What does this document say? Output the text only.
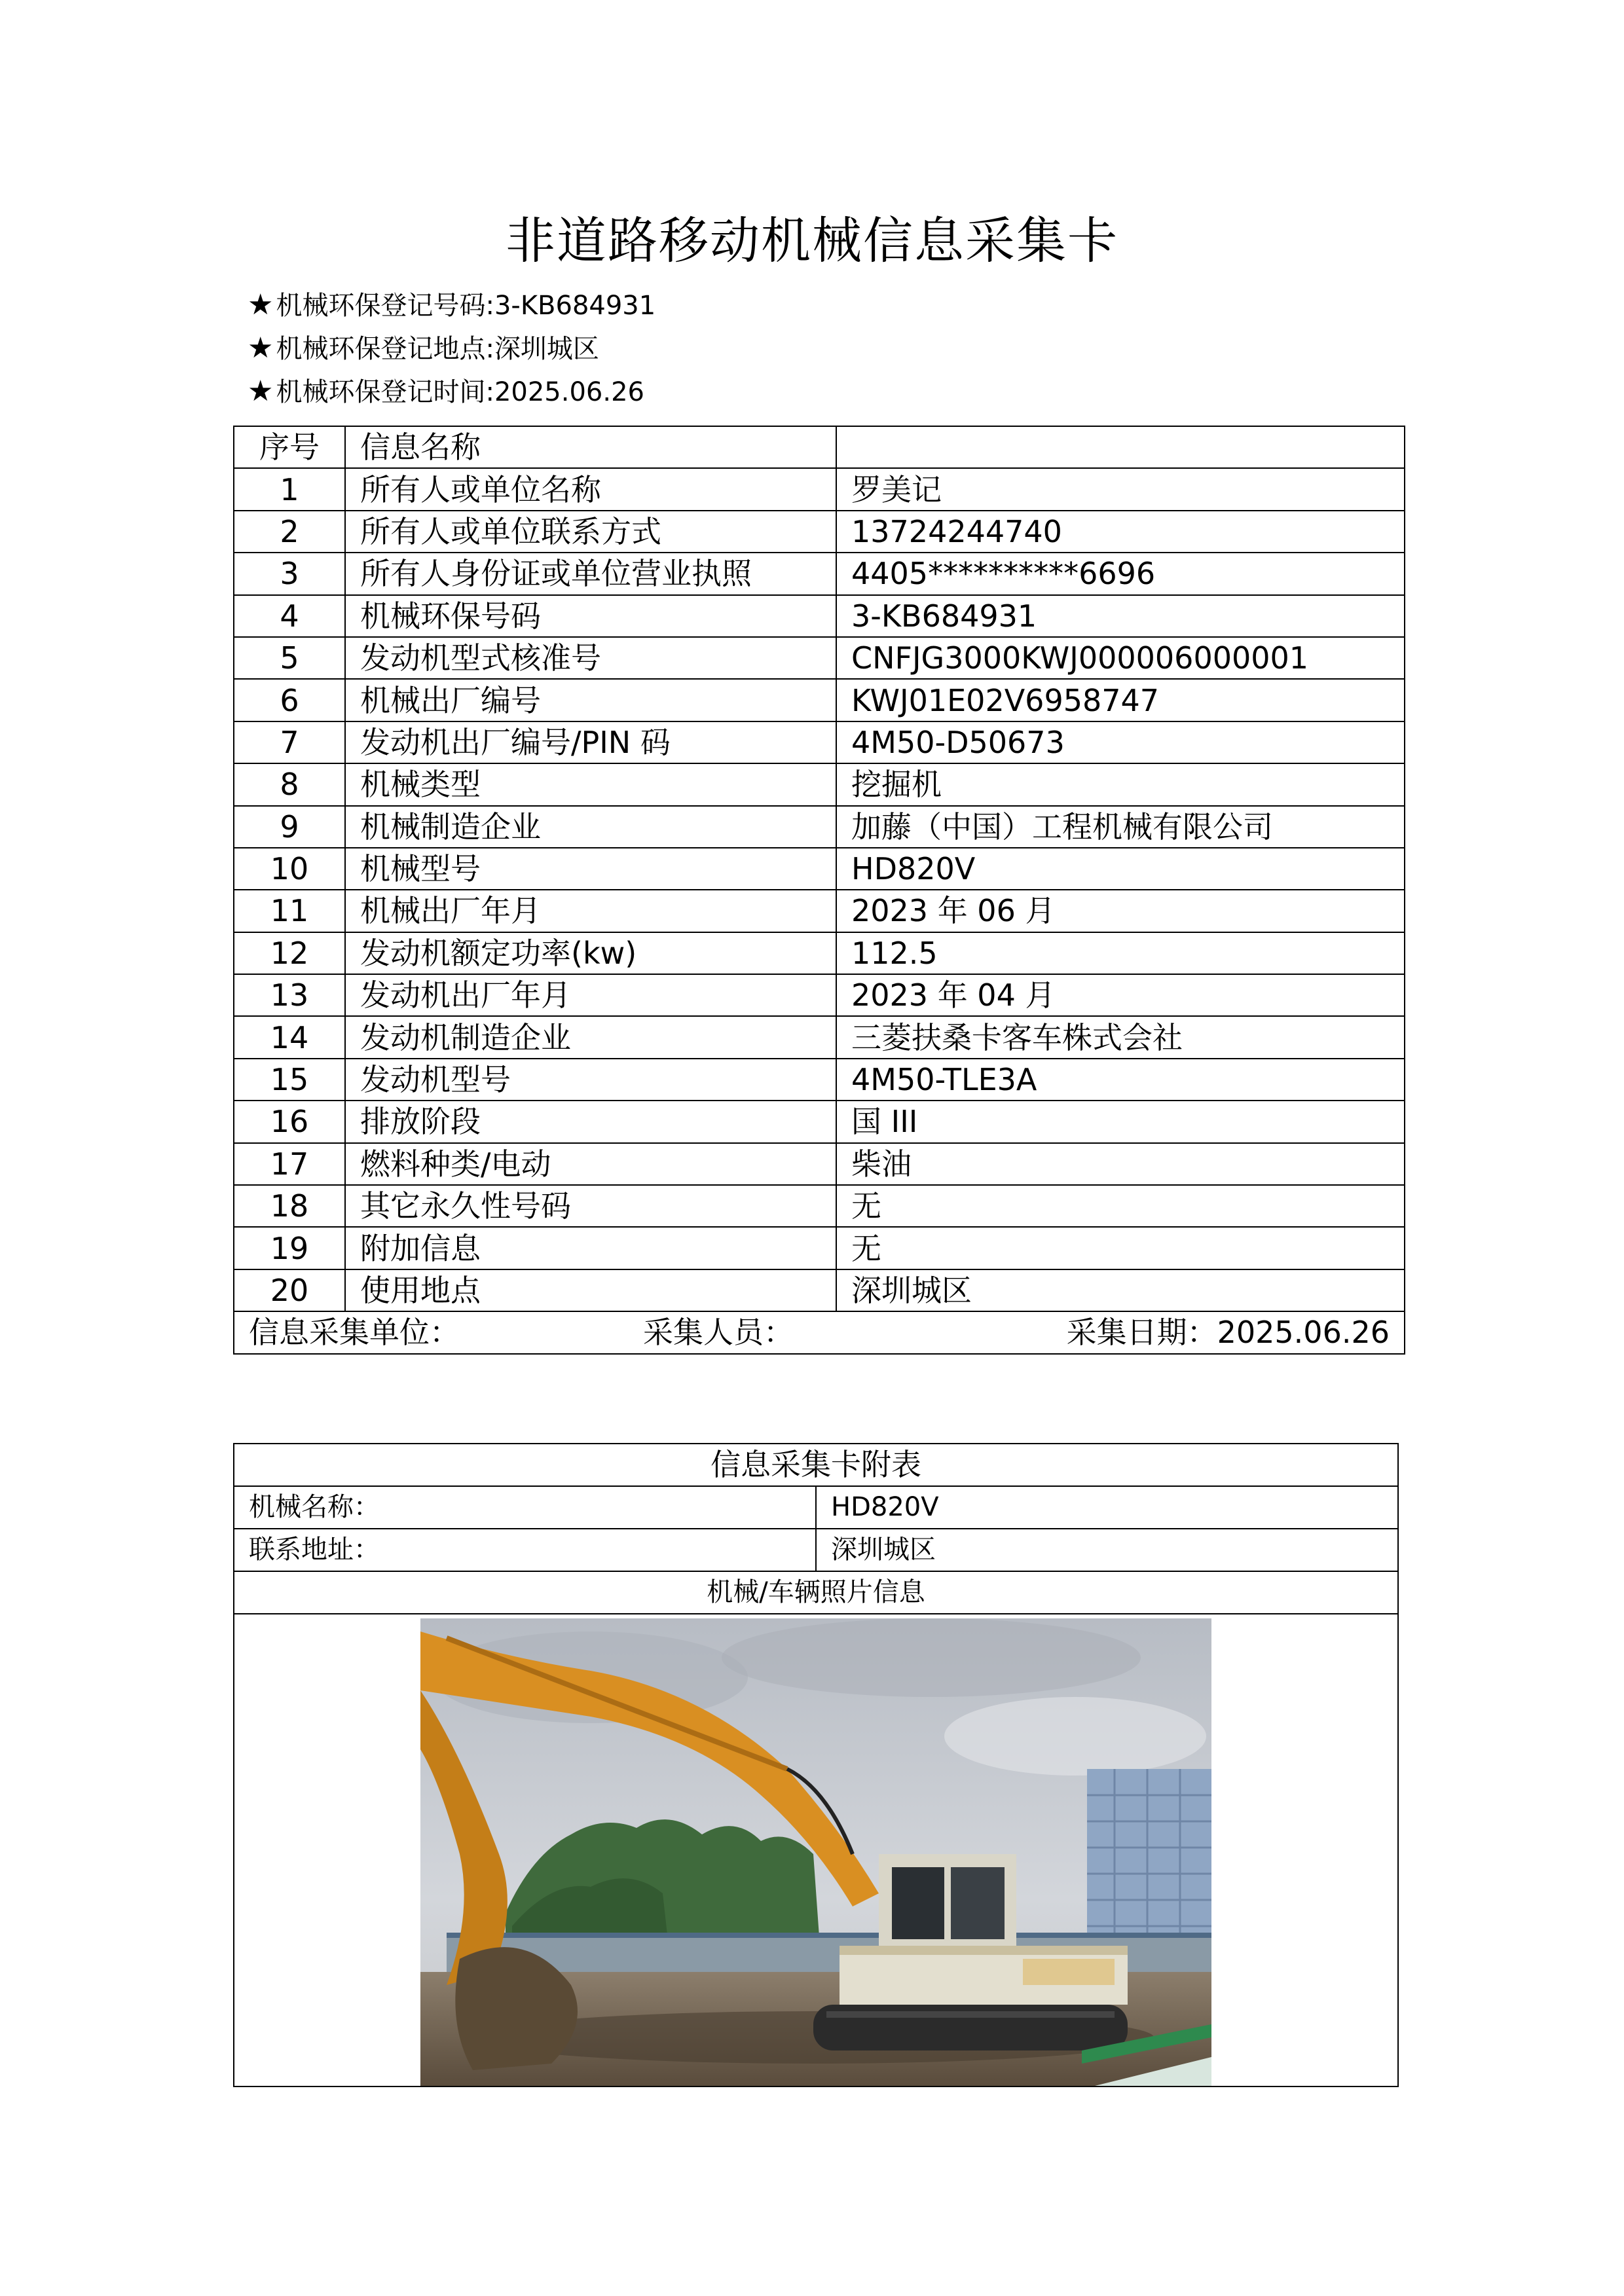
非道路移动机械信息采集卡
★ 机械环保登记号码:3-KB684931
★ 机械环保登记地点:深圳城区
★ 机械环保登记时间:2025.06.26
序号	信息名称	
1	所有人或单位名称	罗美记
2	所有人或单位联系方式	13724244740
3	所有人身份证或单位营业执照	4405**********6696
4	机械环保号码	3-KB684931
5	发动机型式核准号	CNFJG3000KWJ000006000001
6	机械出厂编号	KWJ01E02V6958747
7	发动机出厂编号/PIN 码	4M50-D50673
8	机械类型	挖掘机
9	机械制造企业	加藤（中国）工程机械有限公司
10	机械型号	HD820V
11	机械出厂年月	2023 年 06 月
12	发动机额定功率(kw)	112.5
13	发动机出厂年月	2023 年 04 月
14	发动机制造企业	三菱扶桑卡客车株式会社
15	发动机型号	4M50-TLE3A
16	排放阶段	国 III
17	燃料种类/电动	柴油
18	其它永久性号码	无
19	附加信息	无
20	使用地点	深圳城区

信息采集单位： 采集人员： 采集日期：2025.06.26		
信息采集卡附表	
机械名称：	HD820V
联系地址：	深圳城区
机械/车辆照片信息	
